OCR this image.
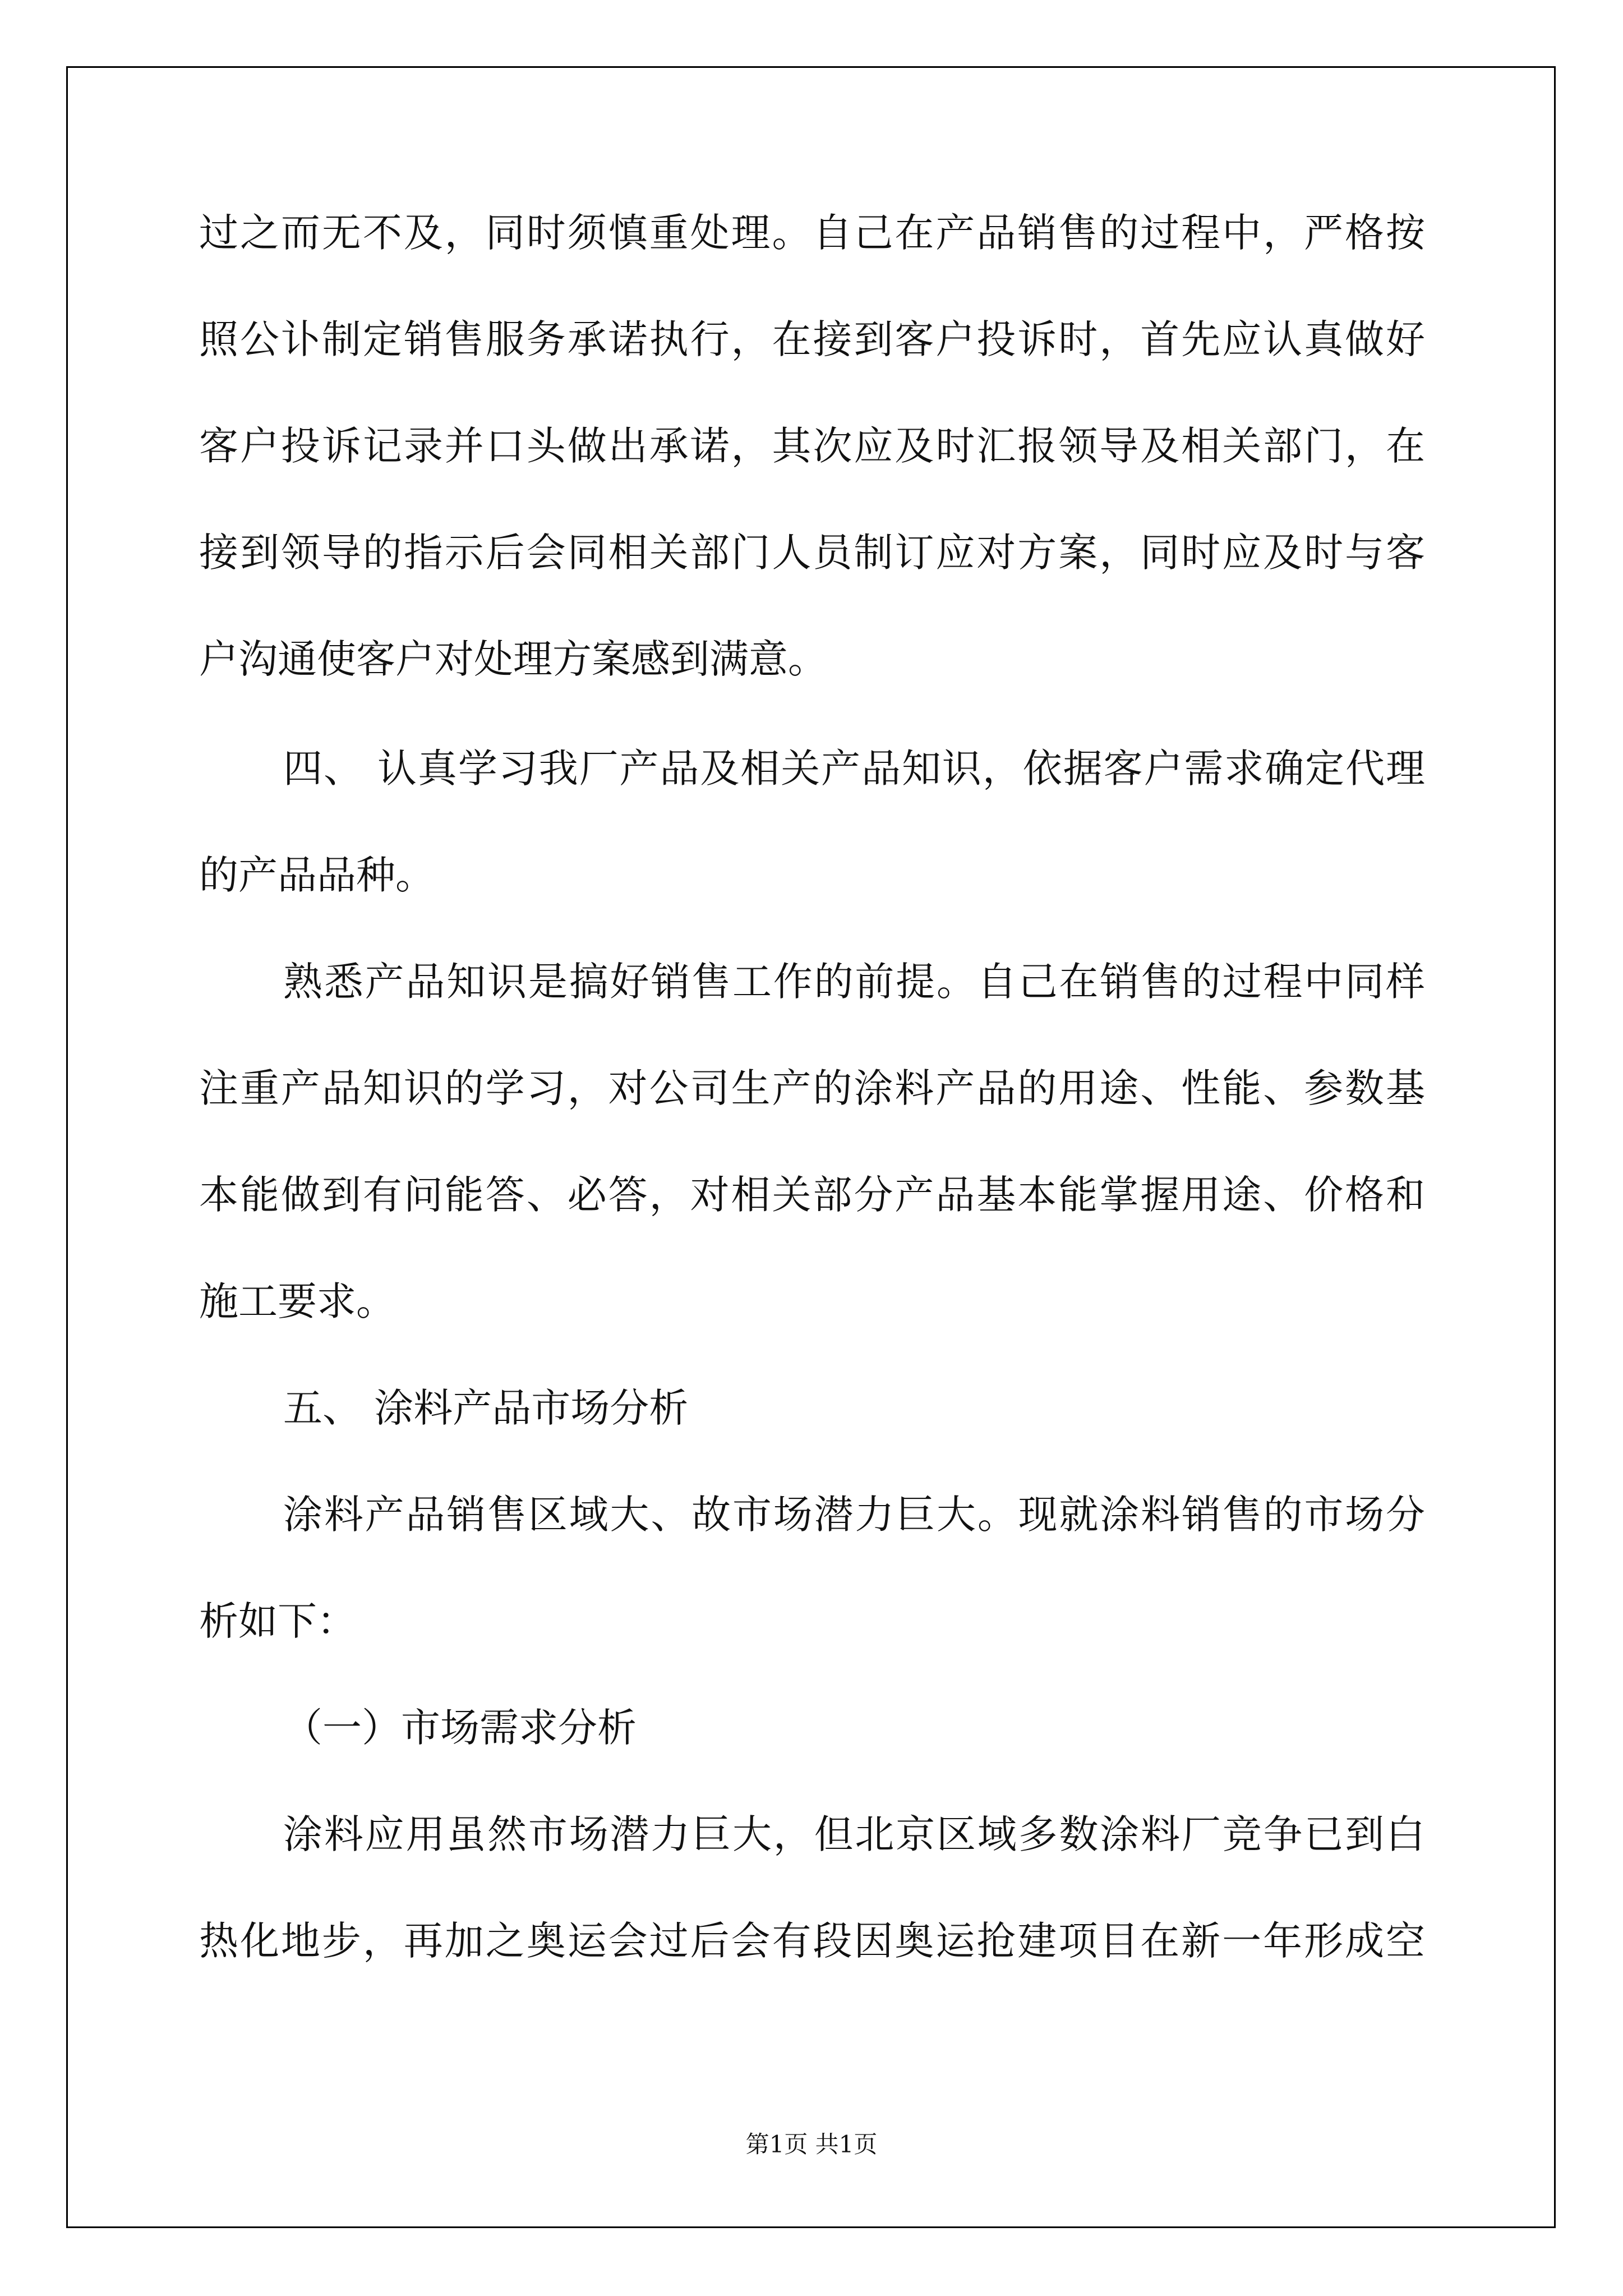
过之而无不及，同时须慎重处理。自己在产品销售的过程中，严格按
照公讣制定销售服务承诺执行，在接到客户投诉时，首先应认真做好
客户投诉记录并口头做出承诺，其次应及时汇报领导及相关部门，在
接到领导的指示后会同相关部门人员制订应对方案，同时应及时与客
户沟通使客户对处理方案感到满意。
四、 认真学习我厂产品及相关产品知识，依据客户需求确定代理
的产品品种。
熟悉产品知识是搞好销售工作的前提。自己在销售的过程中同样
注重产品知识的学习，对公司生产的涂料产品的用途、性能、参数基
本能做到有问能答、必答，对相关部分产品基本能掌握用途、价格和
施工要求。
五、 涂料产品市场分析
涂料产品销售区域大、故市场潜力巨大。现就涂料销售的市场分
析如下：
（一）市场需求分析
涂料应用虽然市场潜力巨大，但北京区域多数涂料厂竞争已到白
热化地步，再加之奥运会过后会有段因奥运抢建项目在新一年形成空
第1页 共1页
